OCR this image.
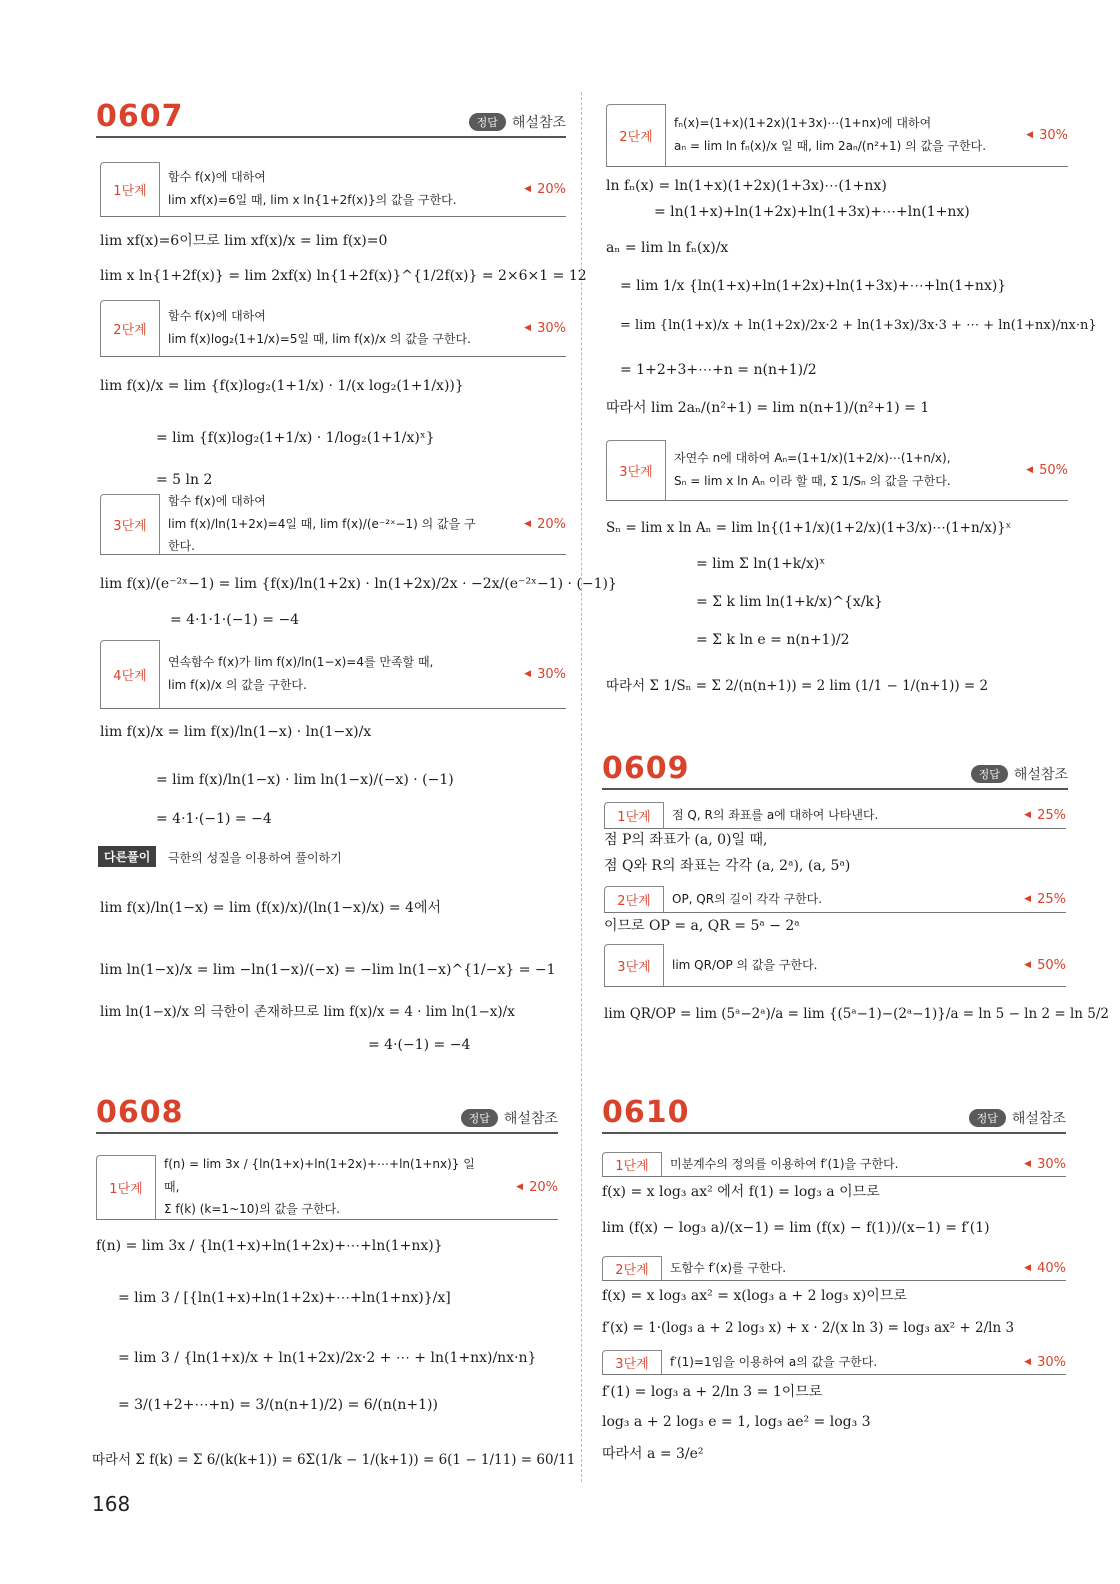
0607	정답	해설참조
1단계
함수 f(x)에 대하여
lim xf(x)=6일 때, lim x ln{1+2f(x)}의 값을 구한다.
◀ 20%
lim xf(x)=6이므로 lim xf(x)/x = lim f(x)=0
lim x ln{1+2f(x)} = lim 2xf(x) ln{1+2f(x)}^{1/2f(x)} = 2×6×1 = 12
2단계
함수 f(x)에 대하여
lim f(x)log₂(1+1/x)=5일 때, lim f(x)/x 의 값을 구한다.
◀ 30%
lim f(x)/x = lim {f(x)log₂(1+1/x) · 1/(x log₂(1+1/x))}
= lim {f(x)log₂(1+1/x) · 1/log₂(1+1/x)ˣ}
= 5 ln 2
3단계
함수 f(x)에 대하여
lim f(x)/ln(1+2x)=4일 때, lim f(x)/(e⁻²ˣ−1) 의 값을 구한다.
◀ 20%
lim f(x)/(e⁻²ˣ−1) = lim {f(x)/ln(1+2x) · ln(1+2x)/2x · −2x/(e⁻²ˣ−1) · (−1)}
= 4·1·1·(−1) = −4
4단계
연속함수 f(x)가 lim f(x)/ln(1−x)=4를 만족할 때,
lim f(x)/x 의 값을 구한다.
◀ 30%
lim f(x)/x = lim f(x)/ln(1−x) · ln(1−x)/x
= lim f(x)/ln(1−x) · lim ln(1−x)/(−x) · (−1)
= 4·1·(−1) = −4
다른풀이	극한의 성질을 이용하여 풀이하기
lim f(x)/ln(1−x) = lim (f(x)/x)/(ln(1−x)/x) = 4에서
lim ln(1−x)/x = lim −ln(1−x)/(−x) = −lim ln(1−x)^{1/−x} = −1
lim ln(1−x)/x 의 극한이 존재하므로 lim f(x)/x = 4 · lim ln(1−x)/x
= 4·(−1) = −4
0608	정답	해설참조
1단계
f(n) = lim 3x / {ln(1+x)+ln(1+2x)+⋯+ln(1+nx)} 일 때,
Σ f(k) (k=1~10)의 값을 구한다.
◀ 20%
f(n) = lim 3x / {ln(1+x)+ln(1+2x)+⋯+ln(1+nx)}
= lim 3 / [{ln(1+x)+ln(1+2x)+⋯+ln(1+nx)}/x]
= lim 3 / {ln(1+x)/x + ln(1+2x)/2x·2 + ⋯ + ln(1+nx)/nx·n}
= 3/(1+2+⋯+n) = 3/(n(n+1)/2) = 6/(n(n+1))
따라서 Σ f(k) = Σ 6/(k(k+1)) = 6Σ(1/k − 1/(k+1)) = 6(1 − 1/11) = 60/11
168
2단계
fₙ(x)=(1+x)(1+2x)(1+3x)⋯(1+nx)에 대하여
aₙ = lim ln fₙ(x)/x 일 때, lim 2aₙ/(n²+1) 의 값을 구한다.
◀ 30%
ln fₙ(x) = ln(1+x)(1+2x)(1+3x)⋯(1+nx)
= ln(1+x)+ln(1+2x)+ln(1+3x)+⋯+ln(1+nx)
aₙ = lim ln fₙ(x)/x
= lim 1/x {ln(1+x)+ln(1+2x)+ln(1+3x)+⋯+ln(1+nx)}
= lim {ln(1+x)/x + ln(1+2x)/2x·2 + ln(1+3x)/3x·3 + ⋯ + ln(1+nx)/nx·n}
= 1+2+3+⋯+n = n(n+1)/2
따라서 lim 2aₙ/(n²+1) = lim n(n+1)/(n²+1) = 1
3단계
자연수 n에 대하여 Aₙ=(1+1/x)(1+2/x)⋯(1+n/x),
Sₙ = lim x ln Aₙ 이라 할 때, Σ 1/Sₙ 의 값을 구한다.
◀ 50%
Sₙ = lim x ln Aₙ = lim ln{(1+1/x)(1+2/x)(1+3/x)⋯(1+n/x)}ˣ
= lim Σ ln(1+k/x)ˣ
= Σ k lim ln(1+k/x)^{x/k}
= Σ k ln e = n(n+1)/2
따라서 Σ 1/Sₙ = Σ 2/(n(n+1)) = 2 lim (1/1 − 1/(n+1)) = 2
0609	정답	해설참조
1단계	점 Q, R의 좌표를 a에 대하여 나타낸다.	◀ 25%
점 P의 좌표가 (a, 0)일 때,
점 Q와 R의 좌표는 각각 (a, 2ᵃ), (a, 5ᵃ)
2단계	OP, QR의 길이 각각 구한다.	◀ 25%
이므로 OP = a, QR = 5ᵃ − 2ᵃ
3단계	lim QR/OP 의 값을 구한다.	◀ 50%
lim QR/OP = lim (5ᵃ−2ᵃ)/a = lim {(5ᵃ−1)−(2ᵃ−1)}/a = ln 5 − ln 2 = ln 5/2
0610	정답	해설참조
1단계	미분계수의 정의를 이용하여 f′(1)을 구한다.	◀ 30%
f(x) = x log₃ ax² 에서 f(1) = log₃ a 이므로
lim (f(x) − log₃ a)/(x−1) = lim (f(x) − f(1))/(x−1) = f′(1)
2단계	도함수 f′(x)를 구한다.	◀ 40%
f(x) = x log₃ ax² = x(log₃ a + 2 log₃ x)이므로
f′(x) = 1·(log₃ a + 2 log₃ x) + x · 2/(x ln 3) = log₃ ax² + 2/ln 3
3단계	f′(1)=1임을 이용하여 a의 값을 구한다.	◀ 30%
f′(1) = log₃ a + 2/ln 3 = 1이므로
log₃ a + 2 log₃ e = 1, log₃ ae² = log₃ 3
따라서 a = 3/e²
